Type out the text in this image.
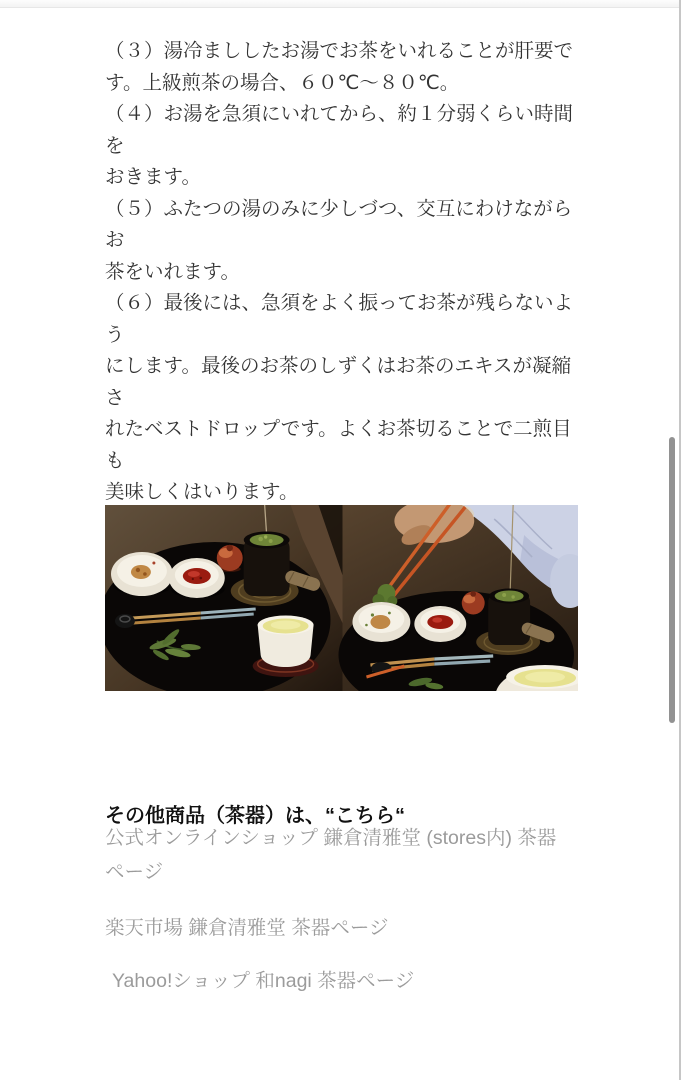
（３）湯冷まししたお湯でお茶をいれることが肝要で
す。上級煎茶の場合、６０℃〜８０℃。
（４）お湯を急須にいれてから、約１分弱くらい時間を
おきます。
（５）ふたつの湯のみに少しづつ、交互にわけながらお
茶をいれます。
（６）最後には、急須をよく振ってお茶が残らないよう
にします。最後のお茶のしずくはお茶のエキスが凝縮さ
れたベストドロップです。よくお茶切ることで二煎目も
美味しくはいります。

その他商品（茶器）は、“こちら“
公式オンラインショップ 鎌倉清雅堂 (stores内) 茶器
ページ
楽天市場 鎌倉清雅堂 茶器ページ
Yahoo!ショップ 和nagi 茶器ページ
